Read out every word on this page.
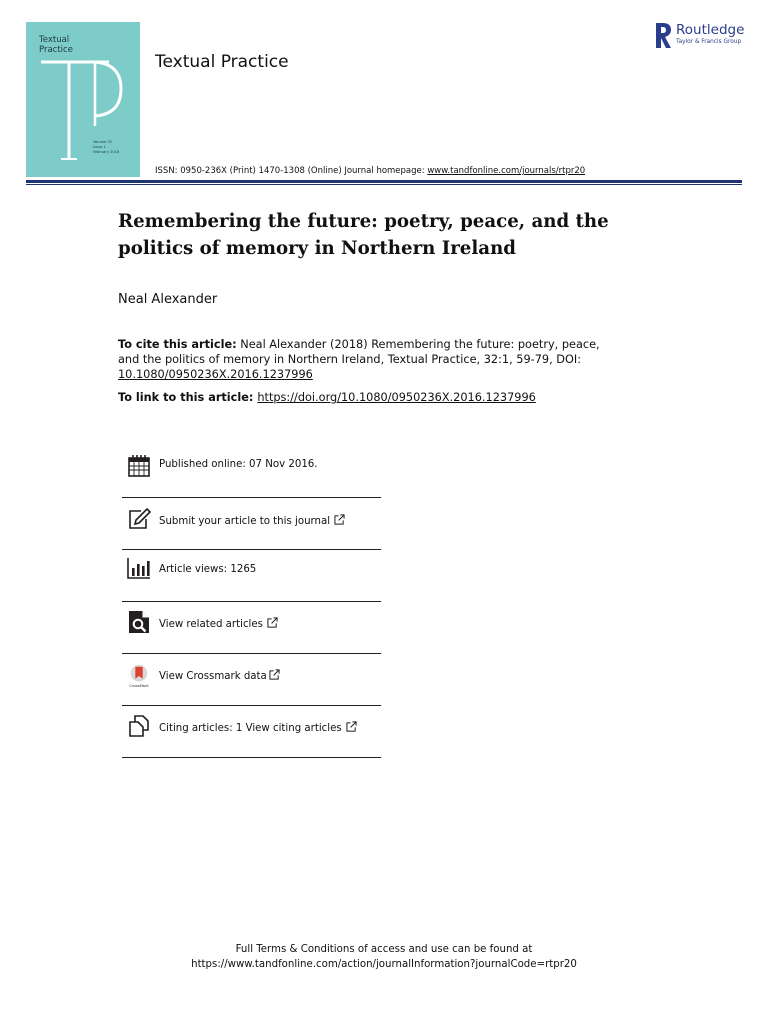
Textual Practice
Volume 32
Issue 1
February 2018
Textual Practice
Routledge
Taylor & Francis Group
ISSN: 0950-236X (Print) 1470-1308 (Online) Journal homepage: www.tandfonline.com/journals/rtpr20
Remembering the future: poetry, peace, and the politics of memory in Northern Ireland
Neal Alexander
To cite this article: Neal Alexander (2018) Remembering the future: poetry, peace, and the politics of memory in Northern Ireland, Textual Practice, 32:1, 59-79, DOI: 10.1080/0950236X.2016.1237996
To link to this article: https://doi.org/10.1080/0950236X.2016.1237996
Published online: 07 Nov 2016.
Submit your article to this journal
Article views: 1265
View related articles
CrossMark
View Crossmark data
Citing articles: 1 View citing articles
Full Terms & Conditions of access and use can be found at
https://www.tandfonline.com/action/journalInformation?journalCode=rtpr20
